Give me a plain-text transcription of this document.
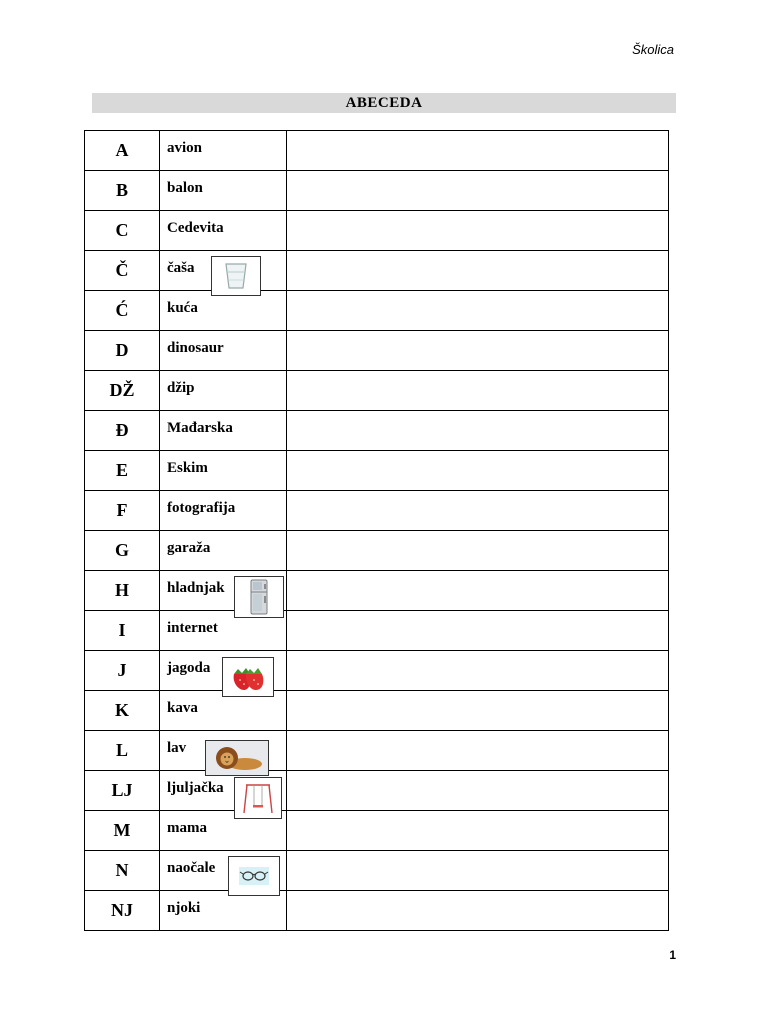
Školica
ABECEDA
A	avion	

B	balon	

C	Cedevita	

Č	čaša	

Ć	kuća	

D	dinosaur	

DŽ	džip	

Đ	Mađarska	

E	Eskim	

F	fotografija	

G	garaža	

H	hladnjak	

I	internet	

J	jagoda	

K	kava	

L	lav	

LJ	ljuljačka	

M	mama	

N	naočale	

NJ	njoki	

1
